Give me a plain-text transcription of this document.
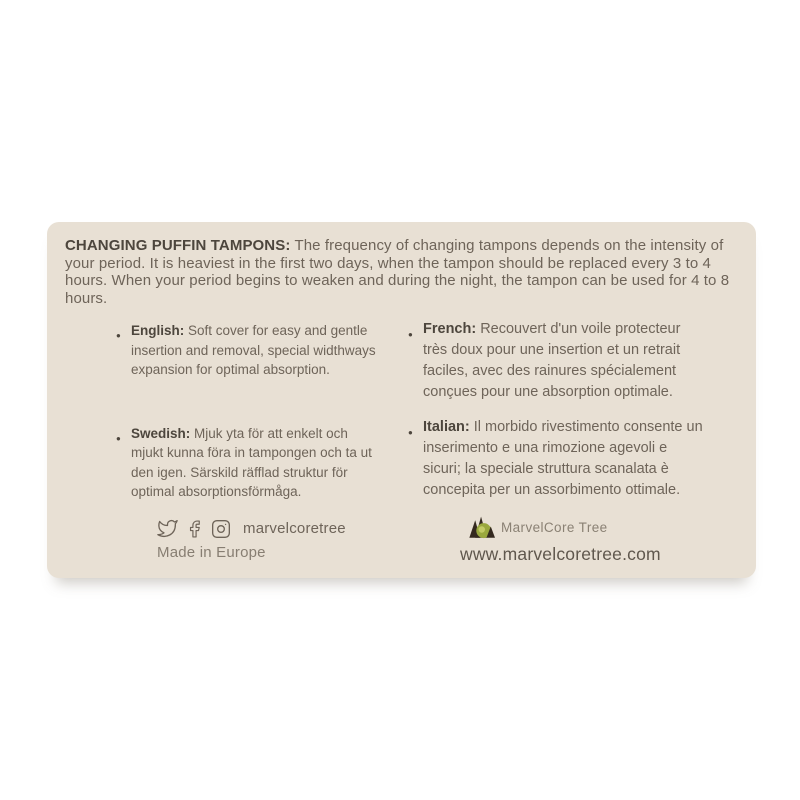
CHANGING PUFFIN TAMPONS: The frequency of changing tampons depends on the intensity of your period. It is heaviest in the first two days, when the tampon should be replaced every 3 to 4 hours. When your period begins to weaken and during the night, the tampon can be used for 4 to 8 hours.

● English: Soft cover for easy and gentle insertion and removal, special widthways expansion for optimal absorption.
● Swedish: Mjuk yta för att enkelt och mjukt kunna föra in tampongen och ta ut den igen. Särskild räfflad struktur för optimal absorptionsförmåga.
● French: Recouvert d'un voile protecteur très doux pour une insertion et un retrait faciles, avec des rainures spécialement conçues pour une absorption optimale.
● Italian: Il morbido rivestimento consente un inserimento e una rimozione agevoli e sicuri; la speciale struttura scanalata è concepita per un assorbimento ottimale.
marvelcoretree
Made in Europe
MarvelCore Tree
www.marvelcoretree.com
